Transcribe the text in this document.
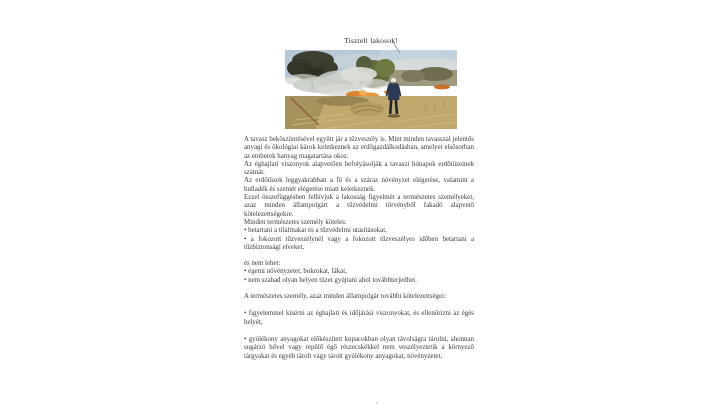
Tisztelt lakosok!

A tavasz beköszöntésével együtt jár a tűzveszély is. Mint minden tavasszal jelentős anyagi és ökológiai károk keletkeznek az erdőgazdálkodásban, amelyet elsősorban az emberek hanyag magatartása okoz.

Az éghajlati viszonyok alapvetően befolyásolják a tavaszi hónapok erdőtüzeinek számát.

Az erdőtüzek leggyakrabban a fű és a száraz növényzet elégetése, valamint a hulladék és szemét elégetése miatt keletkeznek.

Ezzel összefüggésben felhívjuk a lakosság figyelmét a természetes személyeket, azaz minden állampolgárt a tűzvédelmi törvényből fakadó alapvető kötelezettségekre.

Minden természetes személy köteles:

• betartani a tilalmakat és a tűzvédelmi utasításokat,

• a fokozott tűzveszélynél vagy a fokozott tűzveszélyes időben betartani a tűzbiztonsági elveket,

és nem lehet:

• égetni növényzetet, bokrokat, fákat,

• nem szabad olyan helyen tüzet gyújtani ahol továbbterjedhet.

A természetes személy, azaz minden állampolgár további kötelezettségei:

• figyelemmel kísérni az éghajlati és időjárási viszonyokat, és ellenőrizni az égés helyét,

• gyúlékony anyagokat előkészített kupacokban olyan távolságra tárolni, ahonnan sugárzó hővel vagy repülő égő részecskékkel nem veszélyeztetik a környező tárgyakat és egyéb tárolt vagy tárolt gyúlékony anyagokat, növényzetet,
